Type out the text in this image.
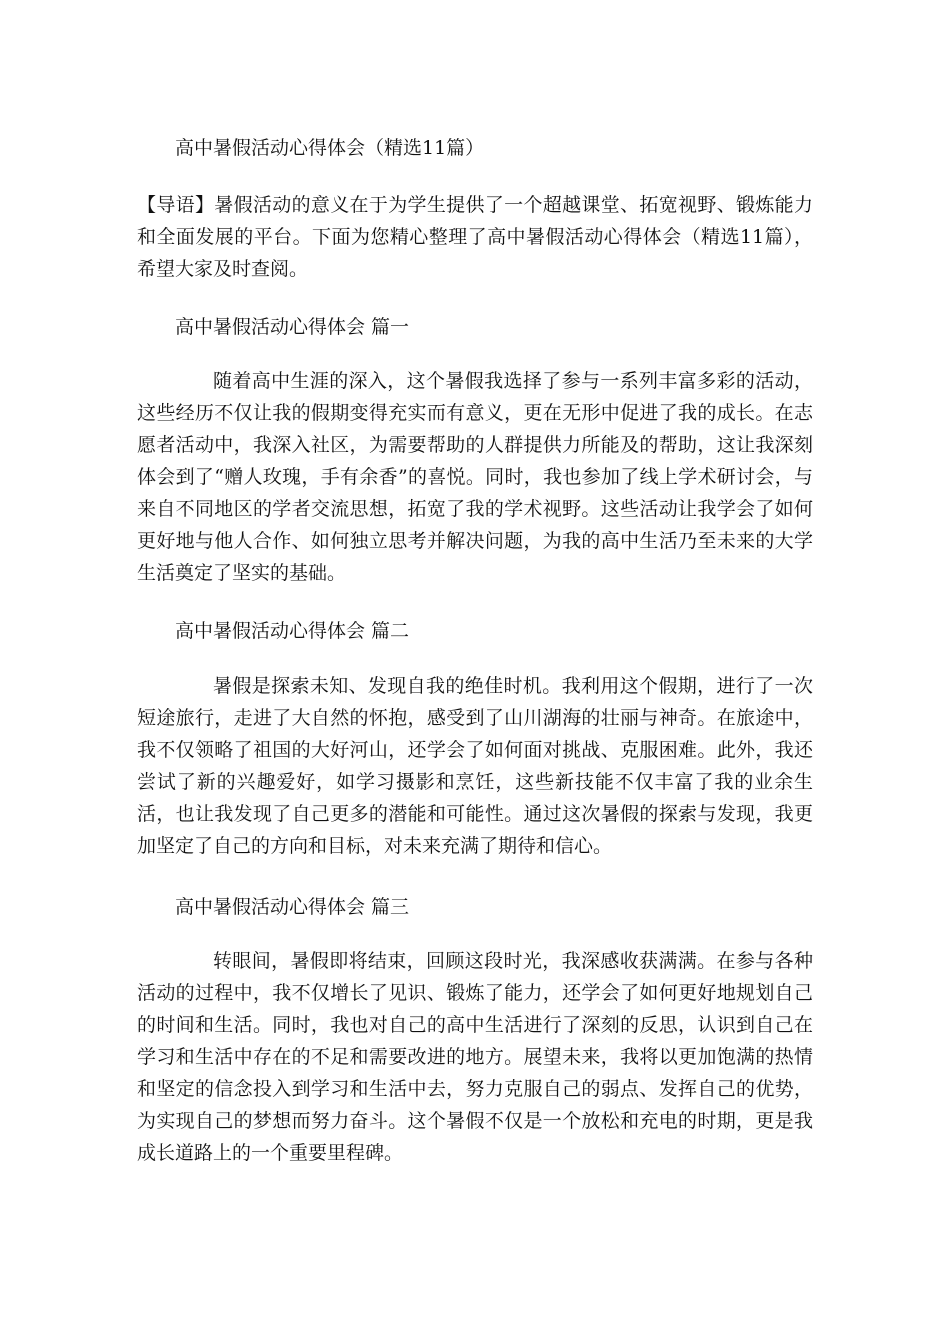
高中暑假活动心得体会（精选11篇）

【导语】暑假活动的意义在于为学生提供了一个超越课堂、拓宽视野、锻炼能力和全面发展的平台。下面为您精心整理了高中暑假活动心得体会（精选11篇），希望大家及时查阅。

高中暑假活动心得体会 篇一

随着高中生涯的深入，这个暑假我选择了参与一系列丰富多彩的活动，这些经历不仅让我的假期变得充实而有意义，更在无形中促进了我的成长。在志愿者活动中，我深入社区，为需要帮助的人群提供力所能及的帮助，这让我深刻体会到了“赠人玫瑰，手有余香”的喜悦。同时，我也参加了线上学术研讨会，与来自不同地区的学者交流思想，拓宽了我的学术视野。这些活动让我学会了如何更好地与他人合作、如何独立思考并解决问题，为我的高中生活乃至未来的大学生活奠定了坚实的基础。

高中暑假活动心得体会 篇二

暑假是探索未知、发现自我的绝佳时机。我利用这个假期，进行了一次短途旅行，走进了大自然的怀抱，感受到了山川湖海的壮丽与神奇。在旅途中，我不仅领略了祖国的大好河山，还学会了如何面对挑战、克服困难。此外，我还尝试了新的兴趣爱好，如学习摄影和烹饪，这些新技能不仅丰富了我的业余生活，也让我发现了自己更多的潜能和可能性。通过这次暑假的探索与发现，我更加坚定了自己的方向和目标，对未来充满了期待和信心。

高中暑假活动心得体会 篇三

转眼间，暑假即将结束，回顾这段时光，我深感收获满满。在参与各种活动的过程中，我不仅增长了见识、锻炼了能力，还学会了如何更好地规划自己的时间和生活。同时，我也对自己的高中生活进行了深刻的反思，认识到自己在学习和生活中存在的不足和需要改进的地方。展望未来，我将以更加饱满的热情和坚定的信念投入到学习和生活中去，努力克服自己的弱点、发挥自己的优势，为实现自己的梦想而努力奋斗。这个暑假不仅是一个放松和充电的时期，更是我成长道路上的一个重要里程碑。
